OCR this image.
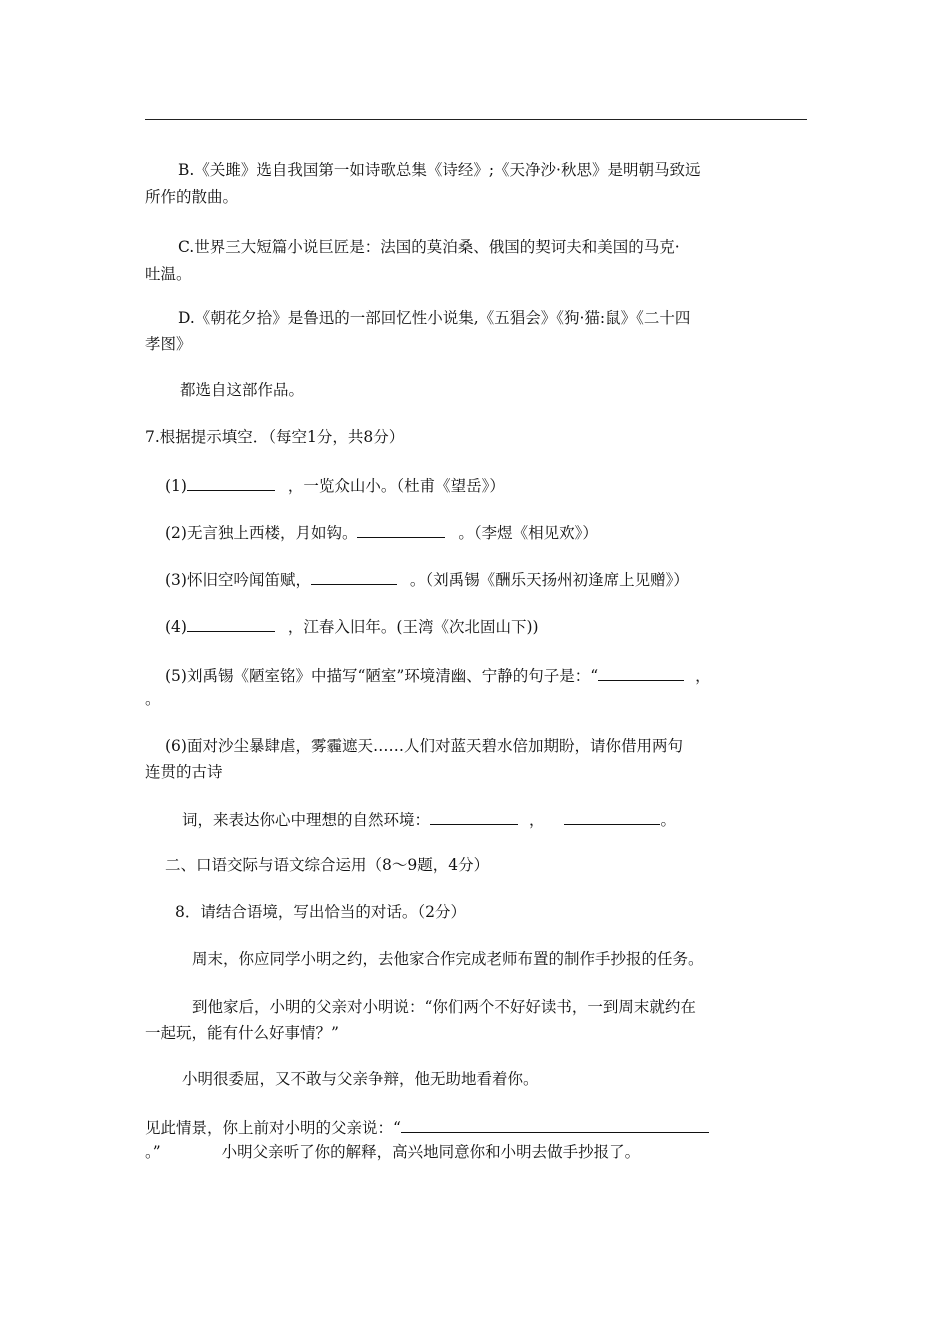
B.《关雎》选自我国第一如诗歌总集《诗经》;《天净沙·秋思》是明朝马致远
所作的散曲。
C.世界三大短篇小说巨匠是：法国的莫泊桑、俄国的契诃夫和美国的马克·
吐温。
D.《朝花夕拾》是鲁迅的一部回忆性小说集,《五猖会》《狗·猫:鼠》《二十四
孝图》
都选自这部作品。
7.根据提示填空．（每空1分，共8分）
(1)	，一览众山小。（杜甫《望岳》）
(2)无言独上西楼，月如钩。	。（李煜《相见欢》）
(3)怀旧空吟闻笛赋，	。（刘禹锡《酬乐天扬州初逢席上见赠》）
(4)	，江春入旧年。(王湾《次北固山下))
(5)刘禹锡《陋室铭》中描写“陋室”环境清幽、宁静的句子是：“	，
。
(6)面对沙尘暴肆虐，雾霾遮天……人们对蓝天碧水倍加期盼，请你借用两句
连贯的古诗
词，来表达你心中理想的自然环境：	，	。
二、口语交际与语文综合运用（8～9题，4分）
8．请结合语境，写出恰当的对话。（2分）
周末，你应同学小明之约，去他家合作完成老师布置的制作手抄报的任务。
到他家后，小明的父亲对小明说：“你们两个不好好读书，一到周末就约在
一起玩，能有什么好事情？”
小明很委屈，又不敢与父亲争辩，他无助地看着你。
见此情景，你上前对小明的父亲说：“
。”	小明父亲听了你的解释，高兴地同意你和小明去做手抄报了。
